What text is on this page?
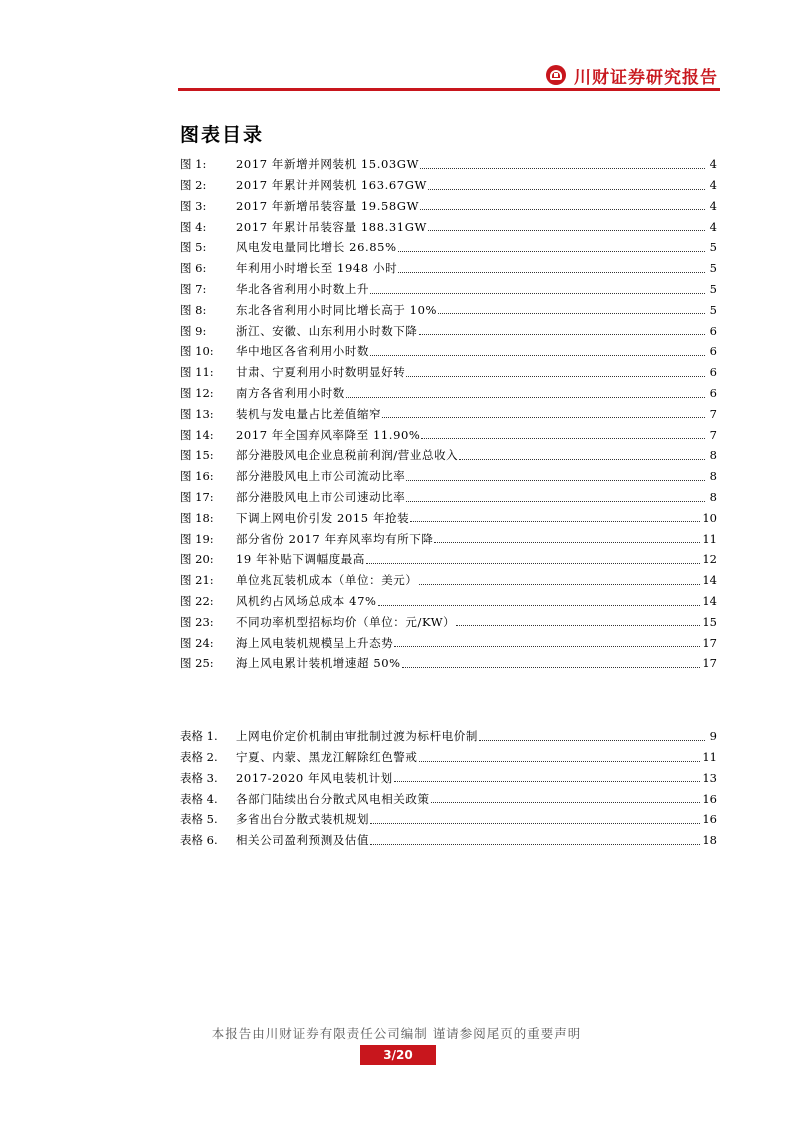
川财证券研究报告
图表目录
图 1:	2017 年新增并网装机 15.03GW	4
图 2:	2017 年累计并网装机 163.67GW	4
图 3:	2017 年新增吊装容量 19.58GW	4
图 4:	2017 年累计吊装容量 188.31GW	4
图 5:	风电发电量同比增长 26.85%	5
图 6:	年利用小时增长至 1948 小时	5
图 7:	华北各省利用小时数上升	5
图 8:	东北各省利用小时同比增长高于 10%	5
图 9:	浙江、安徽、山东利用小时数下降	6
图 10:	华中地区各省利用小时数	6
图 11:	甘肃、宁夏利用小时数明显好转	6
图 12:	南方各省利用小时数	6
图 13:	装机与发电量占比差值缩窄	7
图 14:	2017 年全国弃风率降至 11.90%	7
图 15:	部分港股风电企业息税前利润/营业总收入	8
图 16:	部分港股风电上市公司流动比率	8
图 17:	部分港股风电上市公司速动比率	8
图 18:	下调上网电价引发 2015 年抢装	10
图 19:	部分省份 2017 年弃风率均有所下降	11
图 20:	19 年补贴下调幅度最高	12
图 21:	单位兆瓦装机成本（单位：美元）	14
图 22:	风机约占风场总成本 47%	14
图 23:	不同功率机型招标均价（单位：元/KW）	15
图 24:	海上风电装机规模呈上升态势	17
图 25:	海上风电累计装机增速超 50%	17
表格 1.	上网电价定价机制由审批制过渡为标杆电价制	9
表格 2.	宁夏、内蒙、黑龙江解除红色警戒	11
表格 3.	2017-2020 年风电装机计划	13
表格 4.	各部门陆续出台分散式风电相关政策	16
表格 5.	多省出台分散式装机规划	16
表格 6.	相关公司盈利预测及估值	18
本报告由川财证券有限责任公司编制 谨请参阅尾页的重要声明
3/20
